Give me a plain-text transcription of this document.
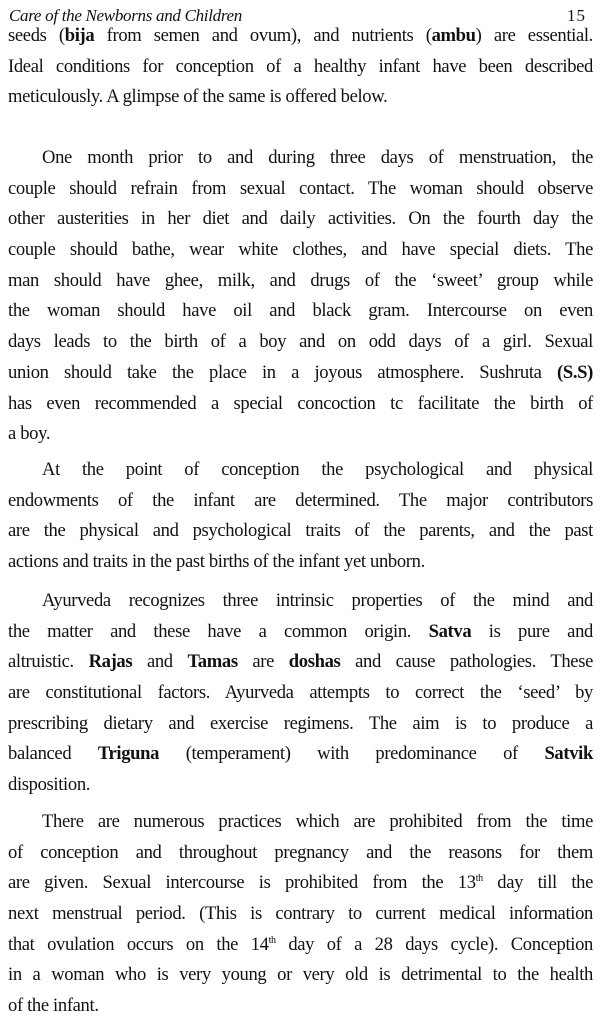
Care of the Newborns and Children	15
seeds (bija from semen and ovum), and nutrients (ambu) are essential.
Ideal conditions for conception of a healthy infant have been described
meticulously. A glimpse of the same is offered below.
One month prior to and during three days of menstruation, the
couple should refrain from sexual contact. The woman should observe
other austerities in her diet and daily activities. On the fourth day the
couple should bathe, wear white clothes, and have special diets. The
man should have ghee, milk, and drugs of the ‘sweet’ group while
the woman should have oil and black gram. Intercourse on even
days leads to the birth of a boy and on odd days of a girl. Sexual
union should take the place in a joyous atmosphere. Sushruta (S.S)
has even recommended a special concoction tc facilitate the birth of
a boy.
At the point of conception the psychological and physical
endowments of the infant are determined. The major contributors
are the physical and psychological traits of the parents, and the past
actions and traits in the past births of the infant yet unborn.
Ayurveda recognizes three intrinsic properties of the mind and
the matter and these have a common origin. Satva is pure and
altruistic. Rajas and Tamas are doshas and cause pathologies. These
are constitutional factors. Ayurveda attempts to correct the ‘seed’ by
prescribing dietary and exercise regimens. The aim is to produce a
balanced Triguna (temperament) with predominance of Satvik
disposition.
There are numerous practices which are prohibited from the time
of conception and throughout pregnancy and the reasons for them
are given. Sexual intercourse is prohibited from the 13th day till the
next menstrual period. (This is contrary to current medical information
that ovulation occurs on the 14th day of a 28 days cycle). Conception
in a woman who is very young or very old is detrimental to the health
of the infant.
